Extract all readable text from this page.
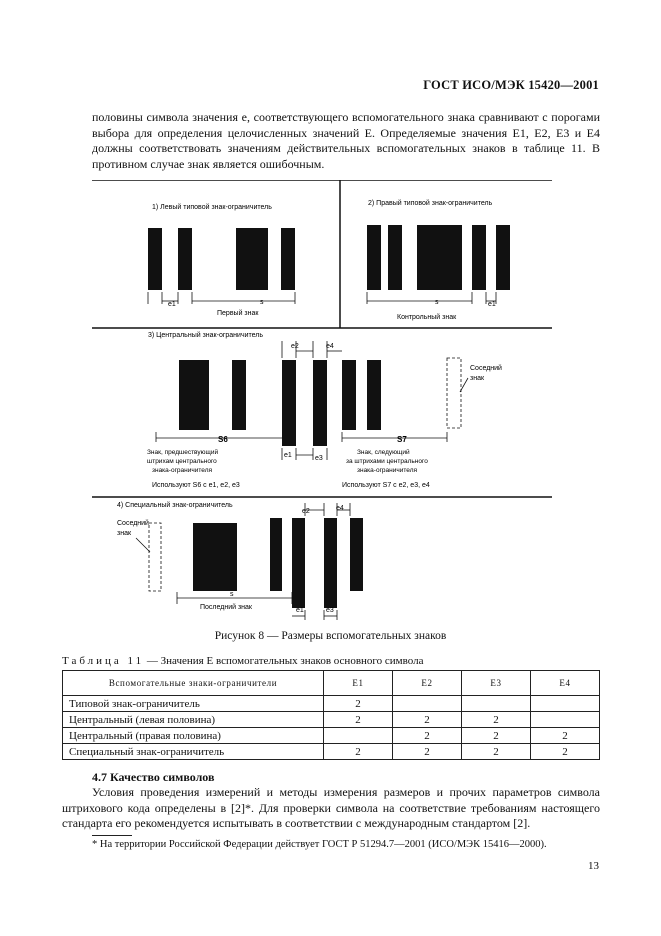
ГОСТ ИСО/МЭК 15420—2001
половины символа значения e, соответствующего вспомогательного знака сравнивают с порогами выбора для определения целочисленных значений E. Определяемые значения E1, E2, E3 и E4 должны соответствовать значениям действительных вспомогательных знаков в таблице 11. В противном случае знак является ошибочным.
1) Левый типовой знак-ограничитель
e1	s
Первый знак
2) Правый типовой знак-ограничитель
s	e1
Контрольный знак
3) Центральный знак-ограничитель
Соседний
знак
e2	e4
S6	S7
e1	e3
Знак, предшествующий
штрихам центрального
знака-ограничителя
Знак, следующий
за штрихами центрального
знака-ограничителя
Используют S6 с e1, e2, e3	Используют S7 с e2, e3, e4
4) Специальный знак-ограничитель
Соседний
знак
e2	e4
s
Последний знак	e1	e3
Рисунок 8 — Размеры вспомогательных знаков
Таблица 11 — Значения E вспомогательных знаков основного символа
Вспомогательные знаки-ограничители	E1	E2	E3	E4
Типовой знак-ограничитель	2			
Центральный (левая половина)	2	2	2	
Центральный (правая половина)		2	2	2
Специальный знак-ограничитель	2	2	2	2
4.7 Качество символов
Условия проведения измерений и методы измерения размеров и прочих параметров символа штрихового кода определены в [2]*. Для проверки символа на соответствие требованиям настоящего стандарта его рекомендуется испытывать в соответствии с международным стандартом [2].
* На территории Российской Федерации действует ГОСТ Р 51294.7—2001 (ИСО/МЭК 15416—2000).
13
